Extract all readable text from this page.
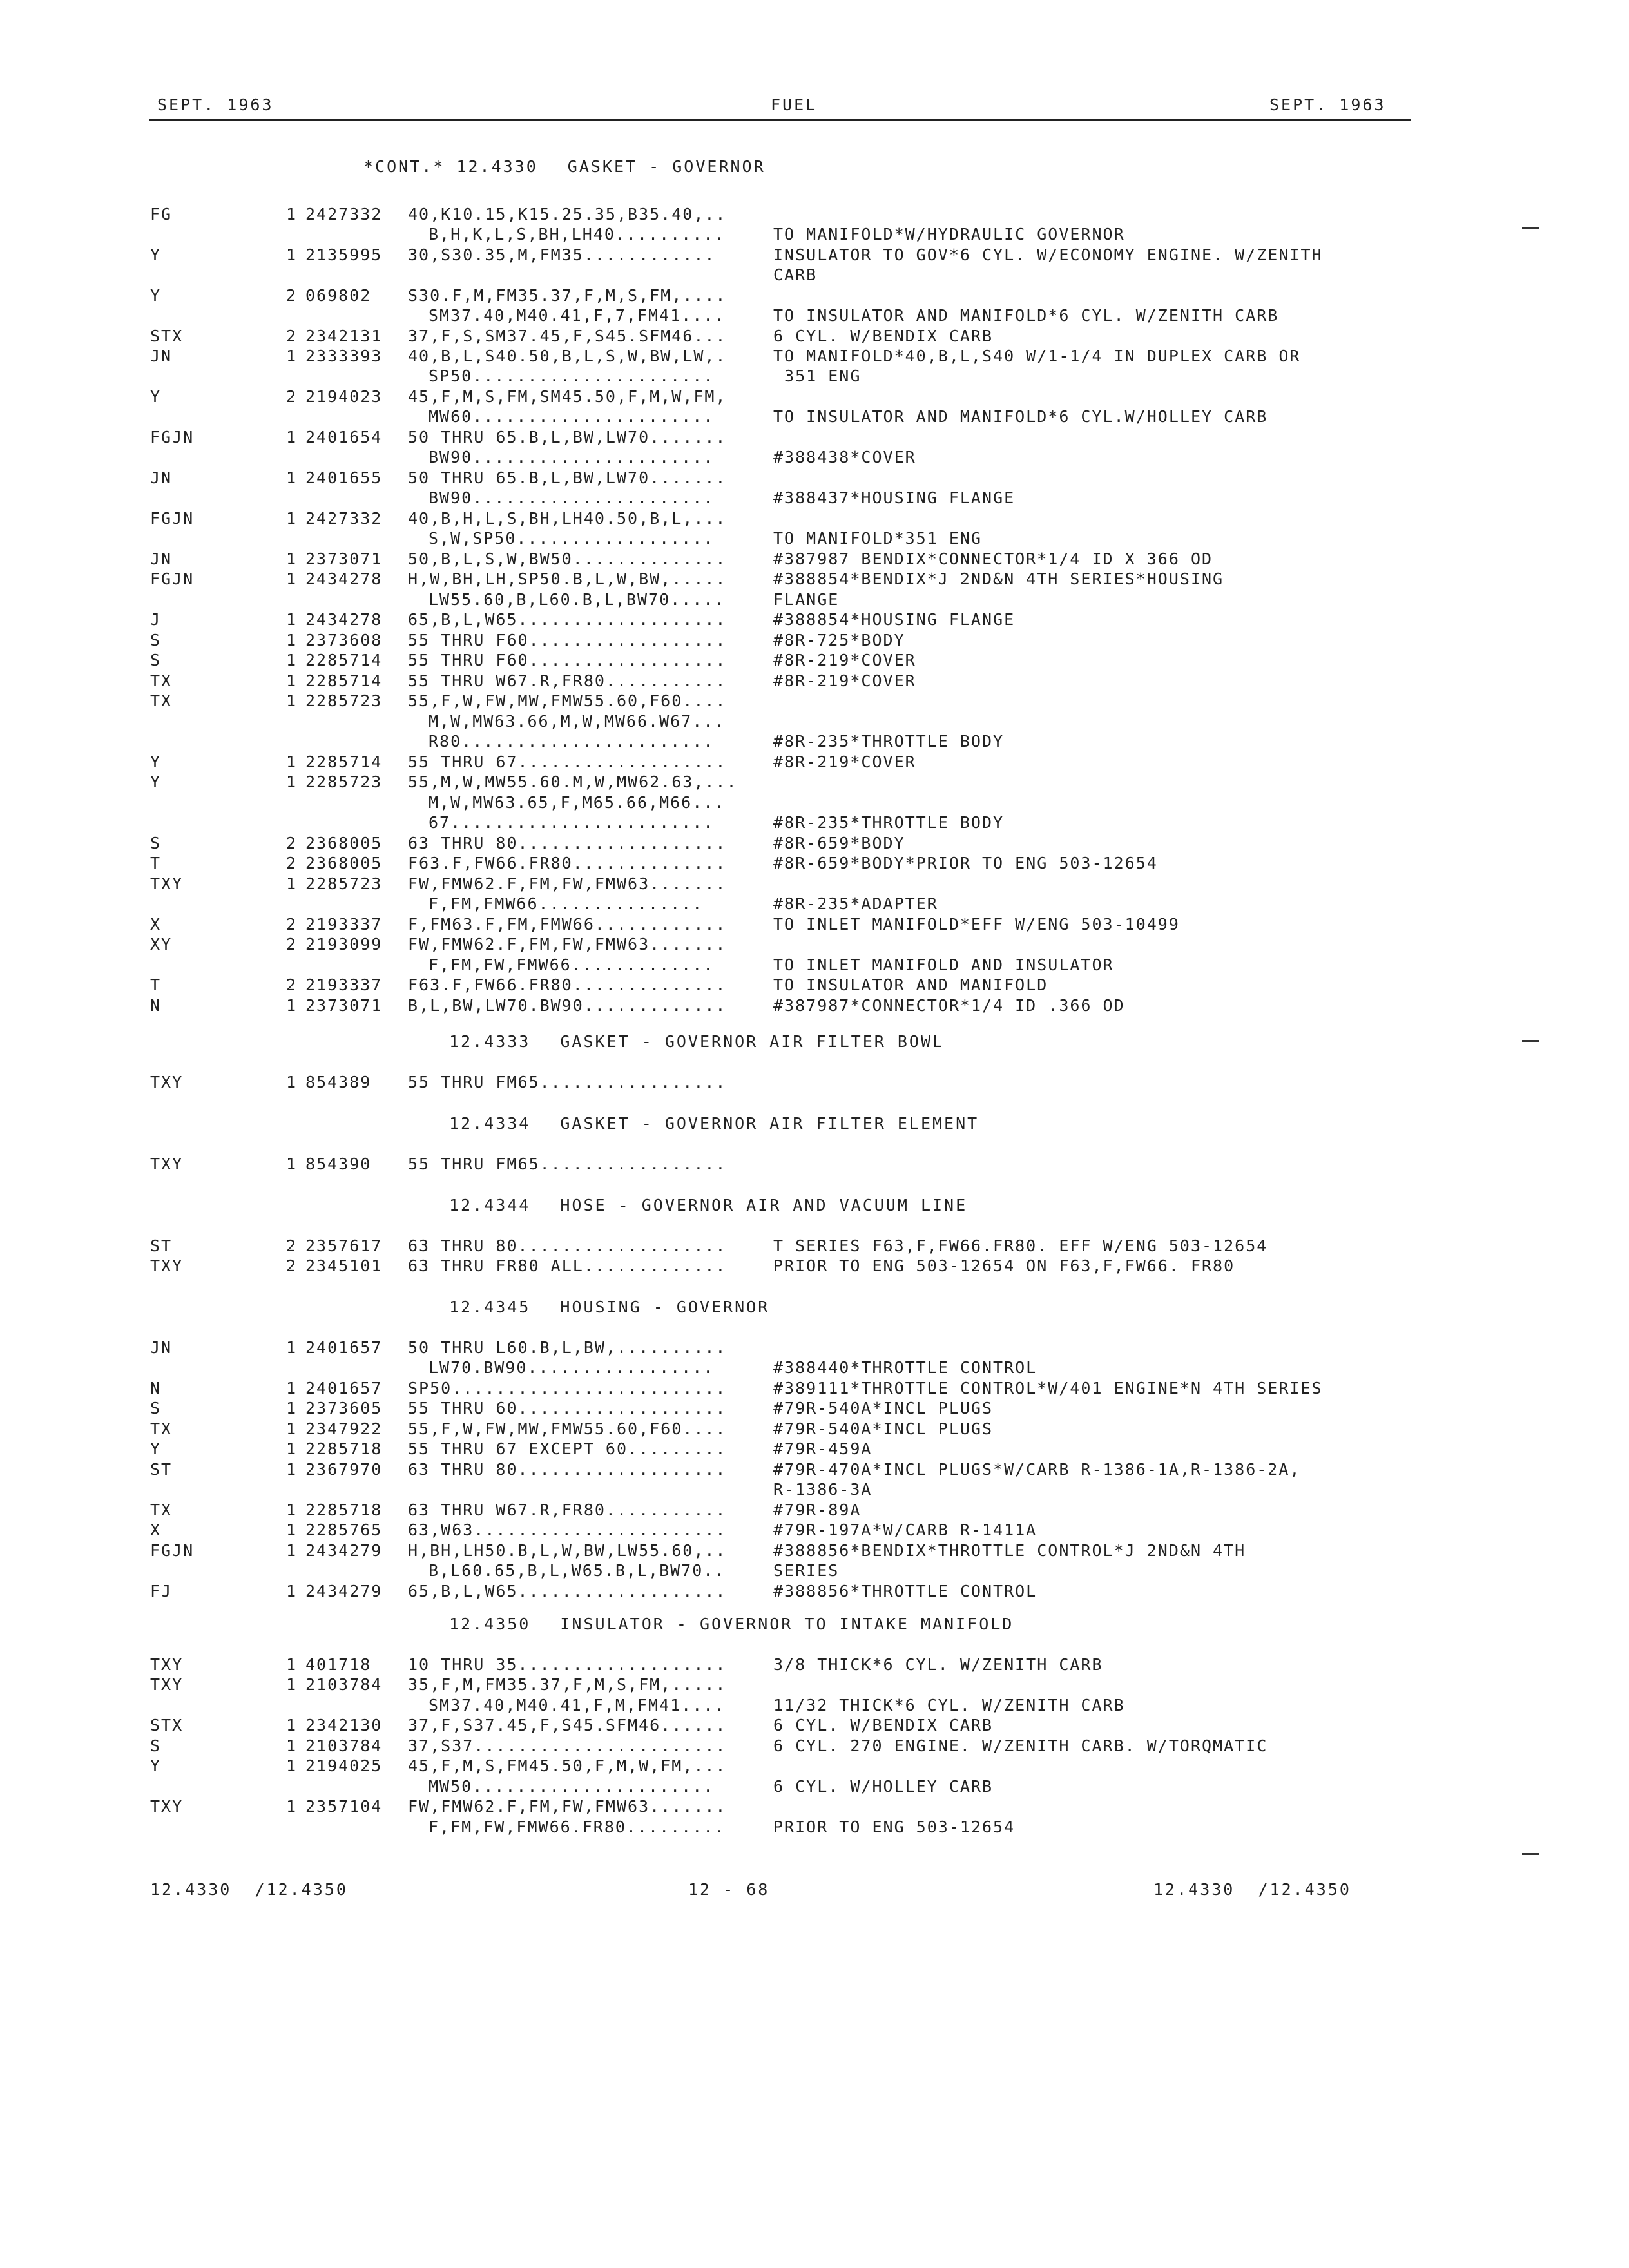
SEPT. 1963	FUEL	SEPT. 1963
*CONT.* 12.4330 GASKET - GOVERNOR
12.4333 GASKET - GOVERNOR AIR FILTER BOWL
12.4334 GASKET - GOVERNOR AIR FILTER ELEMENT
12.4344 HOSE - GOVERNOR AIR AND VACUUM LINE
12.4345 HOUSING - GOVERNOR
12.4350 INSULATOR - GOVERNOR TO INTAKE MANIFOLD
FG	1 2427332 40,K10.15,K15.25.35,B35.40,..
B,H,K,L,S,BH,LH40..........	TO MANIFOLD*W/HYDRAULIC GOVERNOR
Y	1 2135995 30,S30.35,M,FM35............	INSULATOR TO GOV*6 CYL. W/ECONOMY ENGINE. W/ZENITH
CARB
Y	2 069802 S30.F,M,FM35.37,F,M,S,FM,....
SM37.40,M40.41,F,7,FM41....	TO INSULATOR AND MANIFOLD*6 CYL. W/ZENITH CARB
STX	2 2342131 37,F,S,SM37.45,F,S45.SFM46...	6 CYL. W/BENDIX CARB
JN	1 2333393 40,B,L,S40.50,B,L,S,W,BW,LW,.	TO MANIFOLD*40,B,L,S40 W/1-1/4 IN DUPLEX CARB OR
SP50......................	351 ENG
Y	2 2194023 45,F,M,S,FM,SM45.50,F,M,W,FM,
MW60......................	TO INSULATOR AND MANIFOLD*6 CYL.W/HOLLEY CARB
FGJN	1 2401654 50 THRU 65.B,L,BW,LW70.......
BW90......................	#388438*COVER
JN	1 2401655 50 THRU 65.B,L,BW,LW70.......
BW90......................	#388437*HOUSING FLANGE
FGJN	1 2427332 40,B,H,L,S,BH,LH40.50,B,L,...
S,W,SP50..................	TO MANIFOLD*351 ENG
JN	1 2373071 50,B,L,S,W,BW50..............	#387987 BENDIX*CONNECTOR*1/4 ID X 366 OD
FGJN	1 2434278 H,W,BH,LH,SP50.B,L,W,BW,.....	#388854*BENDIX*J 2ND&N 4TH SERIES*HOUSING
LW55.60,B,L60.B,L,BW70.....	FLANGE
J	1 2434278 65,B,L,W65...................	#388854*HOUSING FLANGE
S	1 2373608 55 THRU F60..................	#8R-725*BODY
S	1 2285714 55 THRU F60..................	#8R-219*COVER
TX	1 2285714 55 THRU W67.R,FR80...........	#8R-219*COVER
TX	1 2285723 55,F,W,FW,MW,FMW55.60,F60....
M,W,MW63.66,M,W,MW66.W67...
R80.......................	#8R-235*THROTTLE BODY
Y	1 2285714 55 THRU 67...................	#8R-219*COVER
Y	1 2285723 55,M,W,MW55.60.M,W,MW62.63,...
M,W,MW63.65,F,M65.66,M66...
67........................	#8R-235*THROTTLE BODY
S	2 2368005 63 THRU 80...................	#8R-659*BODY
T	2 2368005 F63.F,FW66.FR80..............	#8R-659*BODY*PRIOR TO ENG 503-12654
TXY	1 2285723 FW,FMW62.F,FM,FW,FMW63.......
F,FM,FMW66...............	#8R-235*ADAPTER
X	2 2193337 F,FM63.F,FM,FMW66............	TO INLET MANIFOLD*EFF W/ENG 503-10499
XY	2 2193099 FW,FMW62.F,FM,FW,FMW63.......
F,FM,FW,FMW66.............	TO INLET MANIFOLD AND INSULATOR
T	2 2193337 F63.F,FW66.FR80..............	TO INSULATOR AND MANIFOLD
N	1 2373071 B,L,BW,LW70.BW90.............	#387987*CONNECTOR*1/4 ID .366 OD
TXY	1 854389 55 THRU FM65.................
TXY	1 854390 55 THRU FM65.................
ST	2 2357617 63 THRU 80...................	T SERIES F63,F,FW66.FR80. EFF W/ENG 503-12654
TXY	2 2345101 63 THRU FR80 ALL.............	PRIOR TO ENG 503-12654 ON F63,F,FW66. FR80
JN	1 2401657 50 THRU L60.B,L,BW,..........
LW70.BW90.................	#388440*THROTTLE CONTROL
N	1 2401657 SP50.........................	#389111*THROTTLE CONTROL*W/401 ENGINE*N 4TH SERIES
S	1 2373605 55 THRU 60...................	#79R-540A*INCL PLUGS
TX	1 2347922 55,F,W,FW,MW,FMW55.60,F60....	#79R-540A*INCL PLUGS
Y	1 2285718 55 THRU 67 EXCEPT 60.........	#79R-459A
ST	1 2367970 63 THRU 80...................	#79R-470A*INCL PLUGS*W/CARB R-1386-1A,R-1386-2A,
R-1386-3A
TX	1 2285718 63 THRU W67.R,FR80...........	#79R-89A
X	1 2285765 63,W63.......................	#79R-197A*W/CARB R-1411A
FGJN	1 2434279 H,BH,LH50.B,L,W,BW,LW55.60,..	#388856*BENDIX*THROTTLE CONTROL*J 2ND&N 4TH
B,L60.65,B,L,W65.B,L,BW70..	SERIES
FJ	1 2434279 65,B,L,W65...................	#388856*THROTTLE CONTROL
TXY	1 401718 10 THRU 35...................	3/8 THICK*6 CYL. W/ZENITH CARB
TXY	1 2103784 35,F,M,FM35.37,F,M,S,FM,.....
SM37.40,M40.41,F,M,FM41....	11/32 THICK*6 CYL. W/ZENITH CARB
STX	1 2342130 37,F,S37.45,F,S45.SFM46......	6 CYL. W/BENDIX CARB
S	1 2103784 37,S37.......................	6 CYL. 270 ENGINE. W/ZENITH CARB. W/TORQMATIC
Y	1 2194025 45,F,M,S,FM45.50,F,M,W,FM,...
MW50......................	6 CYL. W/HOLLEY CARB
TXY	1 2357104 FW,FMW62.F,FM,FW,FMW63.......
F,FM,FW,FMW66.FR80.........	PRIOR TO ENG 503-12654
12.4330  /12.4350	12 - 68	12.4330  /12.4350
